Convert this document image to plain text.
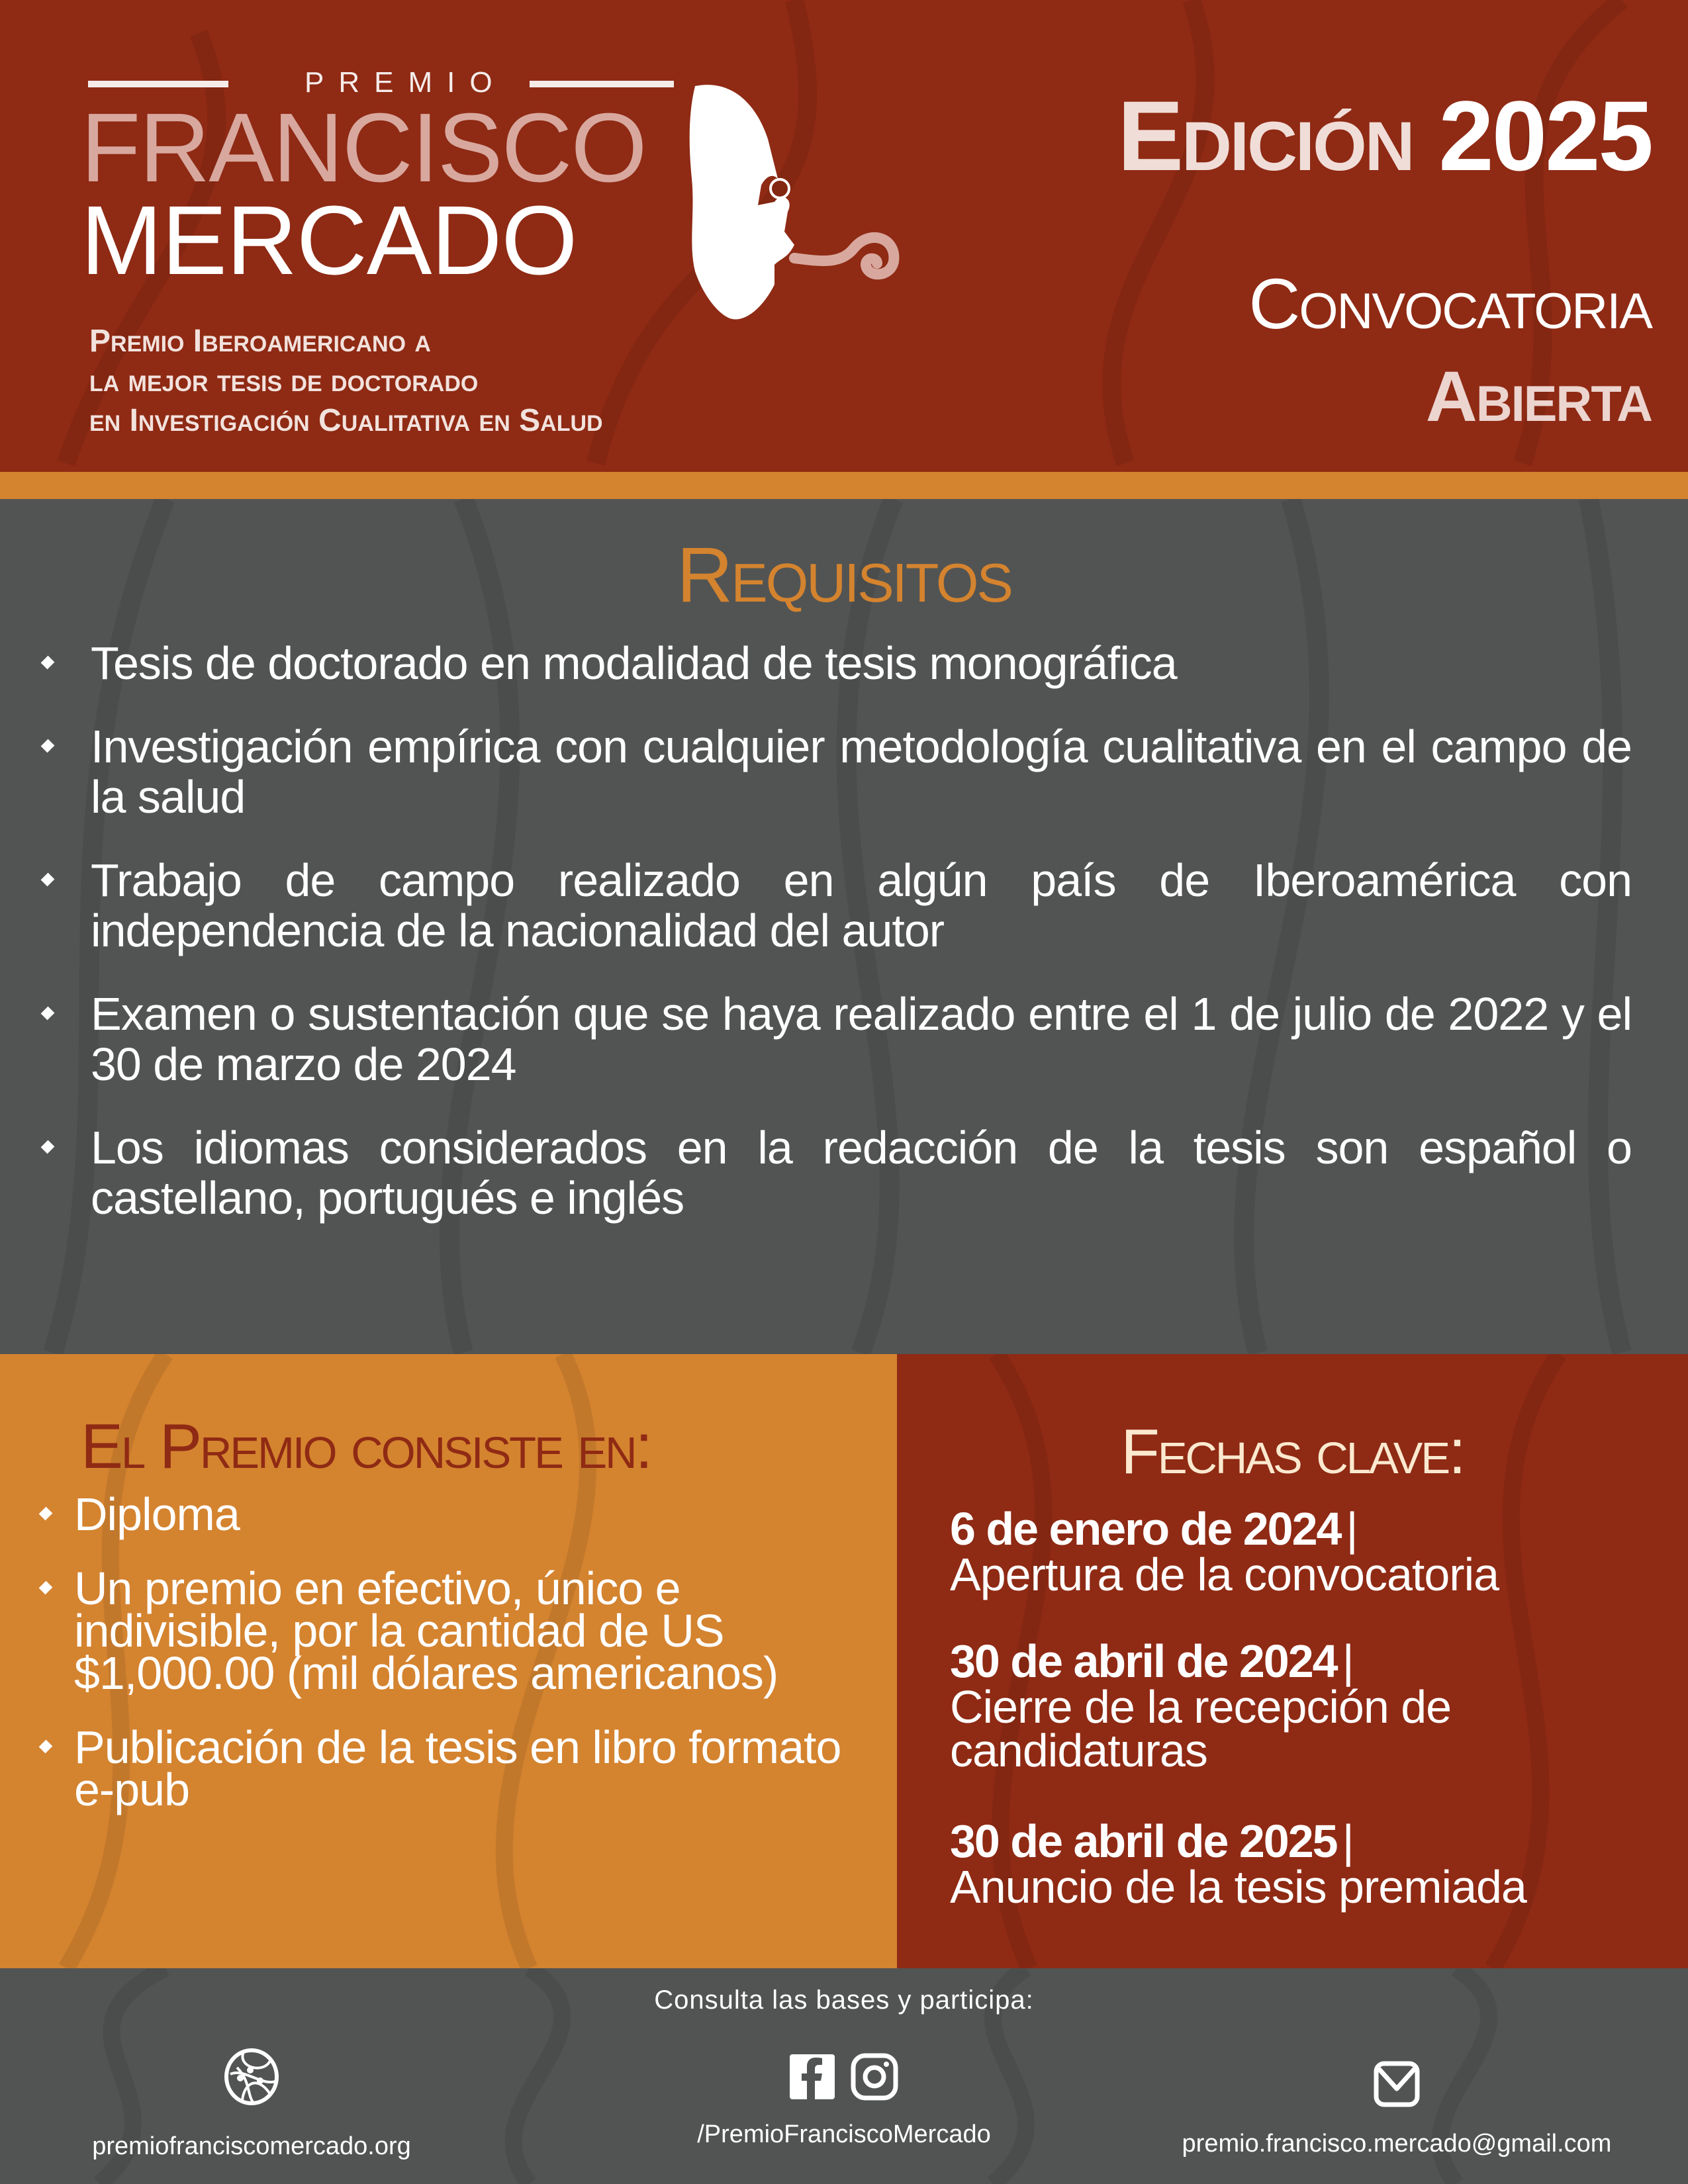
PREMIO
FRANCISCO
MERCADO
Premio Iberoamericano a
la mejor tesis de doctorado
en Investigación Cualitativa en Salud
Edición 2025
Convocatoria
Abierta
Requisitos
Tesis de doctorado en modalidad de tesis monográfica
Investigación empírica con cualquier metodología cualitativa en el campo de la salud
Trabajo de campo realizado en algún país de Iberoamérica con independencia de la nacionalidad del autor
Examen o sustentación que se haya realizado entre el 1 de julio de 2022 y el 30 de marzo de 2024
Los idiomas considerados en la redacción de la tesis son español o castellano, portugués e inglés
El Premio consiste en:
Diploma
Un premio en efectivo, único e indivisible, por la cantidad de US $1,000.00 (mil dólares americanos)
Publicación de la tesis en libro formato e-pub
Fechas clave:
6 de enero de 2024 |
Apertura de la convocatoria
30 de abril de 2024 |
Cierre de la recepción de candidaturas
30 de abril de 2025 |
Anuncio de la tesis premiada
Consulta las bases y participa:
premiofranciscomercado.org
	/PremioFranciscoMercado	premio.francisco.mercado@gmail.com
